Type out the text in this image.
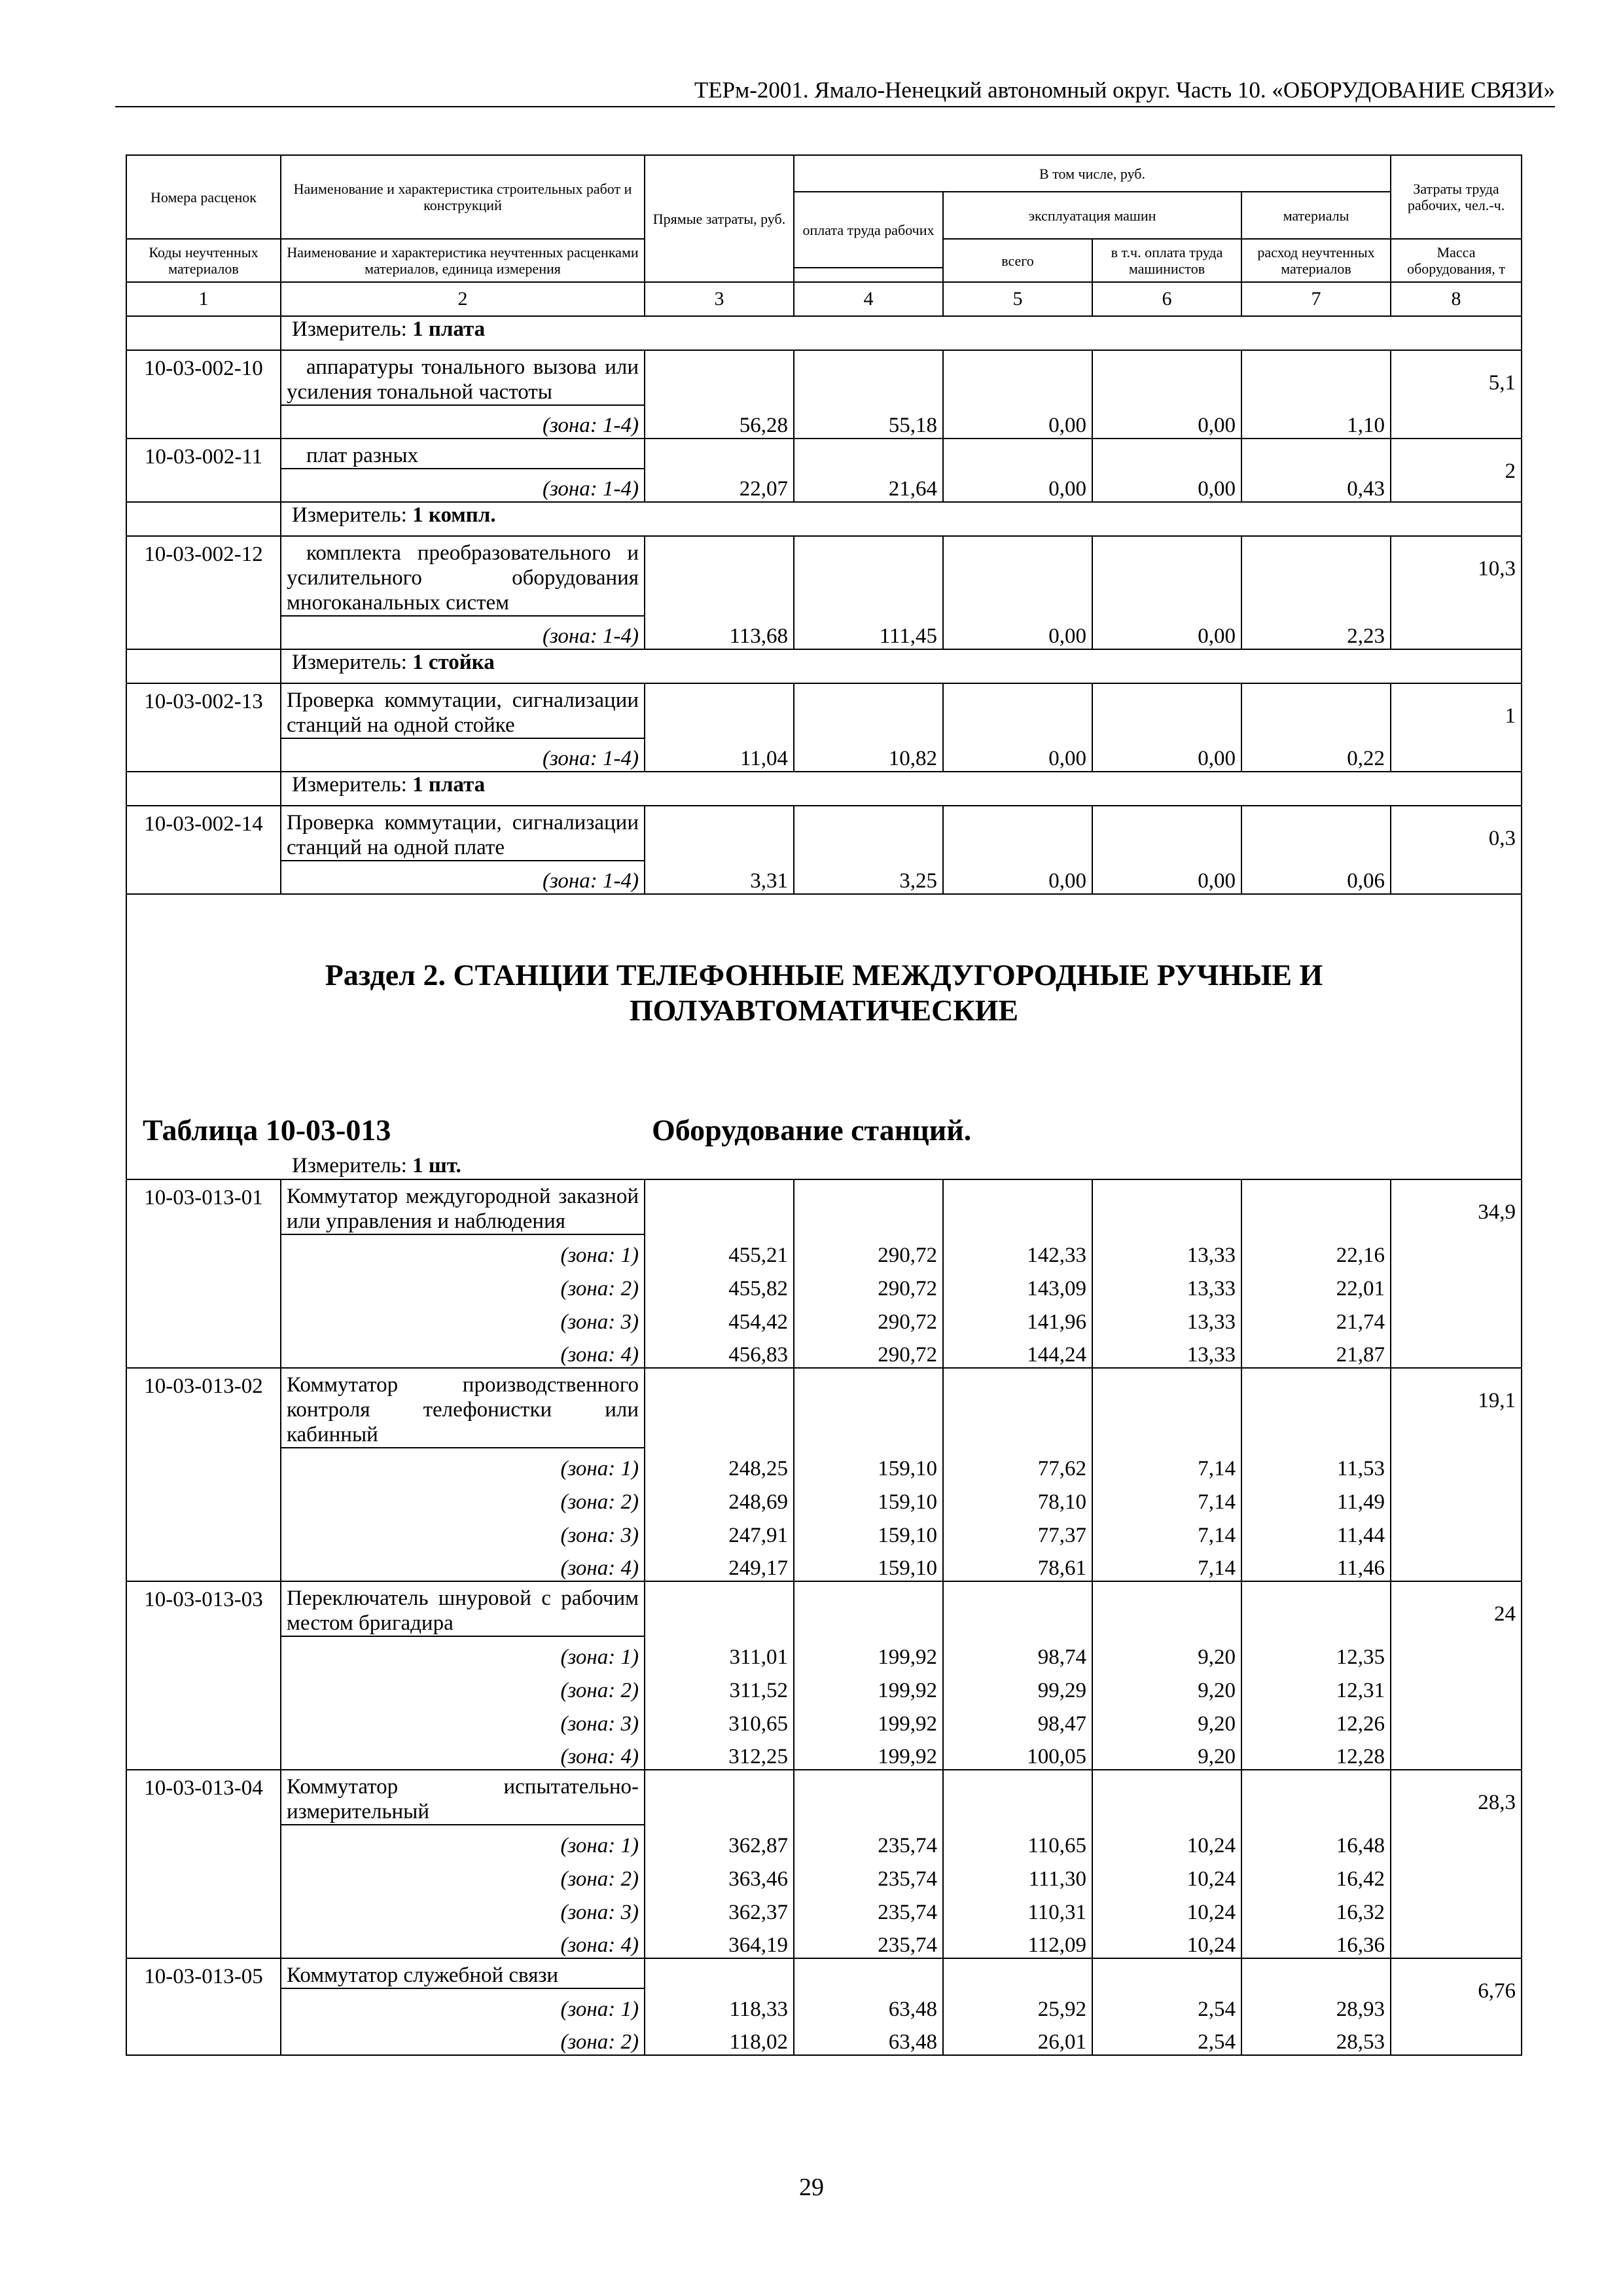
ТЕРм-2001. Ямало-Ненецкий автономный округ. Часть 10. «ОБОРУДОВАНИЕ СВЯЗИ»
Номера расценок	Наименование и характеристика строительных работ и конструкций	Прямые затраты, руб.	В том числе, руб.				Затраты труда рабочих, чел.-ч.
			оплата труда рабочих	эксплуатация машин		материалы	

Коды неучтенных материалов	Наименование и характеристика неучтенных расценками материалов, единица измерения			всего	в т.ч. оплата труда машинистов	расход неучтенных материалов	Масса оборудования, т

1	2	3	4	5	6	7	8
	Измеритель: 1 плата						
10-03-002-10	аппаратуры тонального вызова или усиления тональной частоты						5,1
	(зона: 1-4)	56,28	55,18	0,00	0,00	1,10	
10-03-002-11	плат разных						2
	(зона: 1-4)	22,07	21,64	0,00	0,00	0,43	
	Измеритель: 1 компл.						
10-03-002-12	комплекта преобразовательного и усилительного оборудования многоканальных систем						10,3
	(зона: 1-4)	113,68	111,45	0,00	0,00	2,23	
	Измеритель: 1 стойка						
10-03-002-13	Проверка коммутации, сигнализации станций на одной стойке						1
	(зона: 1-4)	11,04	10,82	0,00	0,00	0,22	
	Измеритель: 1 плата						
10-03-002-14	Проверка коммутации, сигнализации станций на одной плате						0,3
	(зона: 1-4)	3,31	3,25	0,00	0,00	0,06	

Раздел 2. СТАНЦИИ ТЕЛЕФОННЫЕ МЕЖДУГОРОДНЫЕ РУЧНЫЕ И ПОЛУАВТОМАТИЧЕСКИЕ
Таблица 10-03-013 Оборудование станций.
Измеритель: 1 шт.							

10-03-013-01	Коммутатор междугородной заказной или управления и наблюдения						34,9
	(зона: 1)	455,21	290,72	142,33	13,33	22,16	
	(зона: 2)	455,82	290,72	143,09	13,33	22,01	
	(зона: 3)	454,42	290,72	141,96	13,33	21,74	
	(зона: 4)	456,83	290,72	144,24	13,33	21,87	
10-03-013-02	Коммутатор производственного контроля телефонистки или кабинный						19,1
	(зона: 1)	248,25	159,10	77,62	7,14	11,53	
	(зона: 2)	248,69	159,10	78,10	7,14	11,49	
	(зона: 3)	247,91	159,10	77,37	7,14	11,44	
	(зона: 4)	249,17	159,10	78,61	7,14	11,46	
10-03-013-03	Переключатель шнуровой с рабочим местом бригадира						24
	(зона: 1)	311,01	199,92	98,74	9,20	12,35	
	(зона: 2)	311,52	199,92	99,29	9,20	12,31	
	(зона: 3)	310,65	199,92	98,47	9,20	12,26	
	(зона: 4)	312,25	199,92	100,05	9,20	12,28	
10-03-013-04	Коммутатор испытательно-измерительный						28,3
	(зона: 1)	362,87	235,74	110,65	10,24	16,48	
	(зона: 2)	363,46	235,74	111,30	10,24	16,42	
	(зона: 3)	362,37	235,74	110,31	10,24	16,32	
	(зона: 4)	364,19	235,74	112,09	10,24	16,36	
10-03-013-05	Коммутатор служебной связи						6,76
	(зона: 1)	118,33	63,48	25,92	2,54	28,93	
	(зона: 2)	118,02	63,48	26,01	2,54	28,53	
29
